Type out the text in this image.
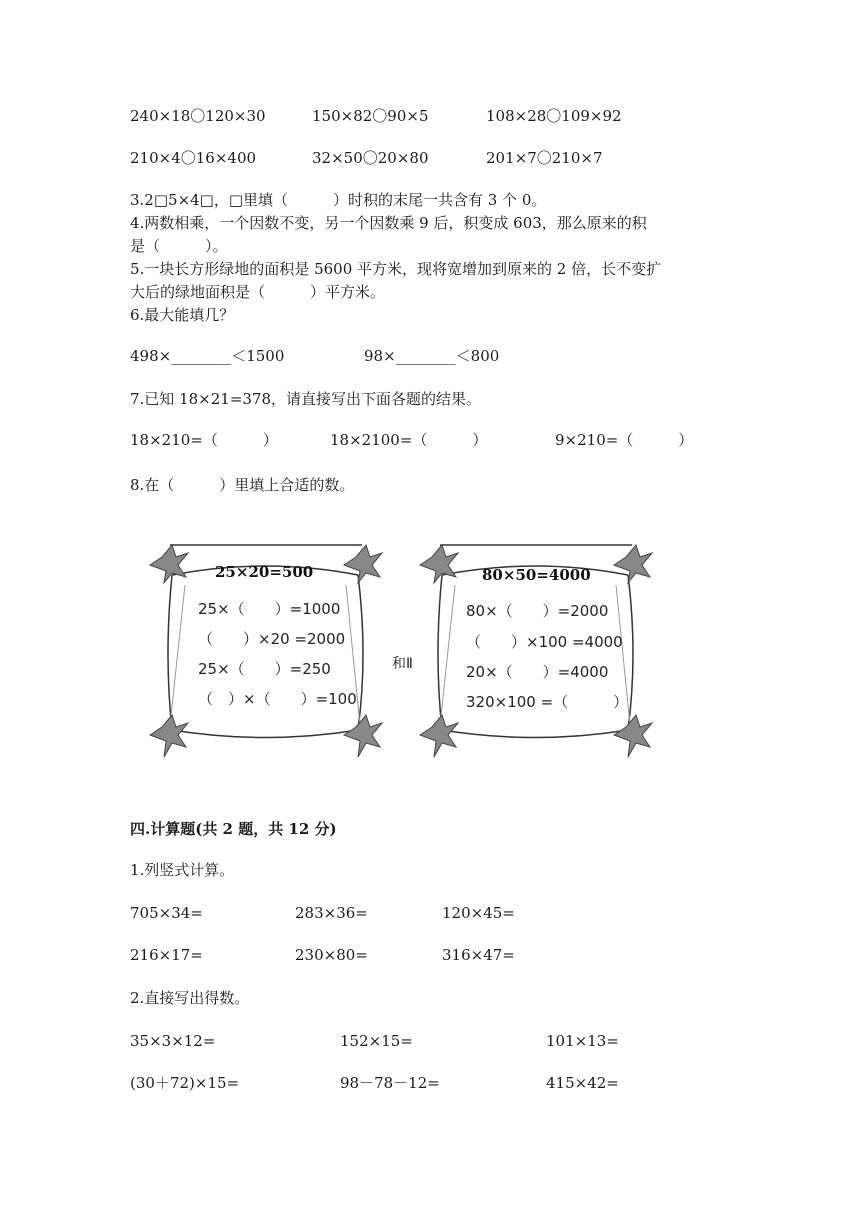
240×18〇120×30	150×82〇90×5	108×28〇109×92
210×4〇16×400	32×50〇20×80	201×7〇210×7
3.2□5×4□，□里填（　　　）时积的末尾一共含有 3 个 0。
4.两数相乘，一个因数不变，另一个因数乘 9 后，积变成 603，那么原来的积
是（　　　）。
5.一块长方形绿地的面积是 5600 平方米，现将宽增加到原来的 2 倍，长不变扩
大后的绿地面积是（　　　）平方米。
6.最大能填几？
498×________＜1500	98×________＜800
7.已知 18×21=378，请直接写出下面各题的结果。
18×210=（　　　）	18×2100=（　　　）	9×210=（　　　）
8.在（　　　）里填上合适的数。
25×20=500
25×（　　）=1000
（　　）×20 =2000
25×（　　）=250
（　）×（　　）=100
和Ⅱ
80×50=4000
80×（　　）=2000
（　　）×100 =4000
20×（　　）=4000
320×100 =（　　　）
四.计算题(共 2 题，共 12 分)
1.列竖式计算。
705×34=	283×36=	120×45=
216×17=	230×80=	316×47=
2.直接写出得数。
35×3×12=	152×15=	101×13=
(30＋72)×15=	98－78－12=	415×42=
